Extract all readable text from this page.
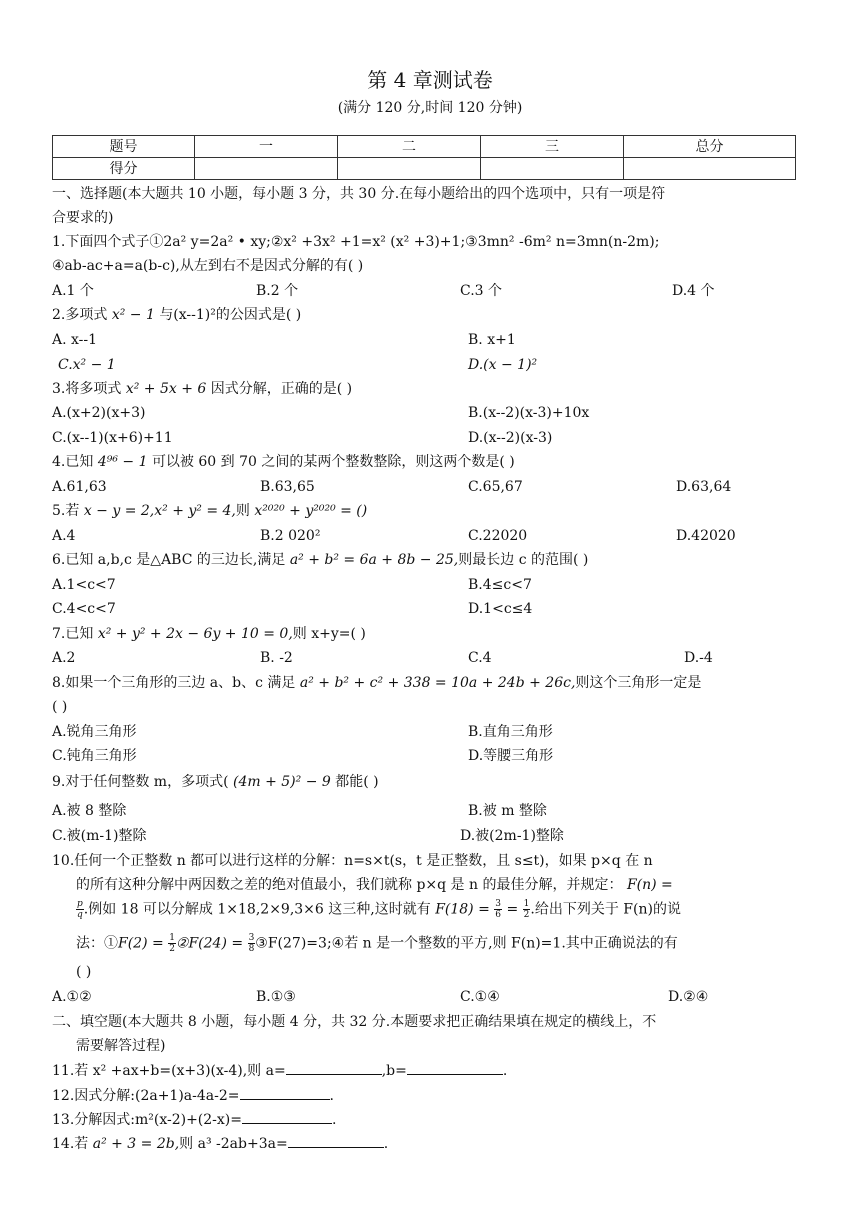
第 4 章测试卷
(满分 120 分,时间 120 分钟)
题号	一	二	三	总分
得分				
一、选择题(本大题共 10 小题，每小题 3 分，共 30 分.在每小题给出的四个选项中，只有一项是符
合要求的)
1.下面四个式子①2a² y=2a² • xy;②x² +3x² +1=x² (x² +3)+1;③3mn² -6m² n=3mn(n-2m);
④ab-ac+a=a(b-c),从左到右不是因式分解的有( )
A.1 个	B.2 个	C.3 个	D.4 个
2.多项式 x² − 1 与(x--1)²的公因式是( )
A. x--1	B. x+1
C.x² − 1	D.(x − 1)²
3.将多项式 x² + 5x + 6 因式分解，正确的是( )
A.(x+2)(x+3)	B.(x--2)(x-3)+10x
C.(x--1)(x+6)+11	D.(x--2)(x-3)
4.已知 4⁹⁶ − 1 可以被 60 到 70 之间的某两个整数整除，则这两个数是( )
A.61,63	B.63,65	C.65,67	D.63,64
5.若 x − y = 2,x² + y² = 4,则 x²⁰²⁰ + y²⁰²⁰ = ()
A.4	B.2 020²	C.22020	D.42020
6.已知 a,b,c 是△ABC 的三边长,满足 a² + b² = 6a + 8b − 25,则最长边 c 的范围( )
A.1<c<7	B.4≤c<7
C.4<c<7	D.1<c≤4
7.已知 x² + y² + 2x − 6y + 10 = 0,则 x+y=( )
A.2	B. -2	C.4	D.-4
8.如果一个三角形的三边 a、b、c 满足 a² + b² + c² + 338 = 10a + 24b + 26c,则这个三角形一定是
( )
A.锐角三角形	B.直角三角形
C.钝角三角形	D.等腰三角形
9.对于任何整数 m，多项式( (4m + 5)² − 9 都能( )
A.被 8 整除	B.被 m 整除
C.被(m-1)整除	D.被(2m-1)整除
10.任何一个正整数 n 都可以进行这样的分解：n=s×t(s，t 是正整数，且 s≤t)，如果 p×q 在 n
的所有这种分解中两因数之差的绝对值最小，我们就称 p×q 是 n 的最佳分解，并规定： F(n) =
$\frac{p}{q}$ .例如 18 可以分解成 1×18,2×9,3×6 这三种,这时就有 $F(18) = \frac{3}{6} = \frac{1}{2}$ .给出下列关于 F(n)的说
法：①F(2) = $\frac{1}{2}$ ②F(24) = $\frac{3}{8}$ ③F(27)=3;④若 n 是一个整数的平方,则 F(n)=1.其中正确说法的有
( )
A.①②	B.①③	C.①④	D.②④
二、填空题(本大题共 8 小题，每小题 4 分，共 32 分.本题要求把正确结果填在规定的横线上，不
需要解答过程)
11.若 x² +ax+b=(x+3)(x-4),则 a=	,b=	.
12.因式分解:(2a+1)a-4a-2=	.
13.分解因式:m²(x-2)+(2-x)=	.
14.若 a² + 3 = 2b,则 a³ -2ab+3a=	.
